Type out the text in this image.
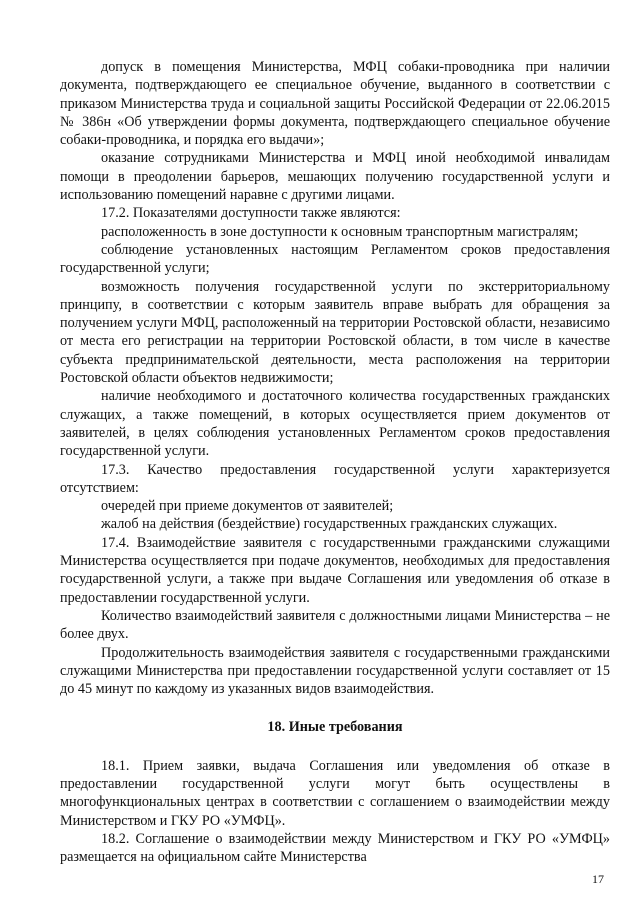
допуск в помещения Министерства, МФЦ собаки-проводника при наличии документа, подтверждающего ее специальное обучение, выданного в соответствии с приказом Министерства труда и социальной защиты Российской Федерации от 22.06.2015 № 386н «Об утверждении формы документа, подтверждающего специальное обучение собаки-проводника, и порядка его выдачи»;

оказание сотрудниками Министерства и МФЦ иной необходимой инвалидам помощи в преодолении барьеров, мешающих получению государственной услуги и использованию помещений наравне с другими лицами.

17.2. Показателями доступности также являются:

расположенность в зоне доступности к основным транспортным магистралям;

соблюдение установленных настоящим Регламентом сроков предоставления государственной услуги;

возможность получения государственной услуги по экстерриториальному принципу, в соответствии с которым заявитель вправе выбрать для обращения за получением услуги МФЦ, расположенный на территории Ростовской области, независимо от места его регистрации на территории Ростовской области, в том числе в качестве субъекта предпринимательской деятельности, места расположения на территории Ростовской области объектов недвижимости;

наличие необходимого и достаточного количества государственных гражданских служащих, а также помещений, в которых осуществляется прием документов от заявителей, в целях соблюдения установленных Регламентом сроков предоставления государственной услуги.

17.3. Качество предоставления государственной услуги характеризуется отсутствием:

очередей при приеме документов от заявителей;

жалоб на действия (бездействие) государственных гражданских служащих.

17.4. Взаимодействие заявителя с государственными гражданскими служащими Министерства осуществляется при подаче документов, необходимых для предоставления государственной услуги, а также при выдаче Соглашения или уведомления об отказе в предоставлении государственной услуги.

Количество взаимодействий заявителя с должностными лицами Министерства – не более двух.

Продолжительность взаимодействия заявителя с государственными гражданскими служащими Министерства при предоставлении государственной услуги составляет от 15 до 45 минут по каждому из указанных видов взаимодействия.

18. Иные требования

18.1. Прием заявки, выдача Соглашения или уведомления об отказе в предоставлении государственной услуги могут быть осуществлены в многофункциональных центрах в соответствии с соглашением о взаимодействии между Министерством и ГКУ РО «УМФЦ».

18.2. Соглашение о взаимодействии между Министерством и ГКУ РО «УМФЦ» размещается на официальном сайте Министерства

17
